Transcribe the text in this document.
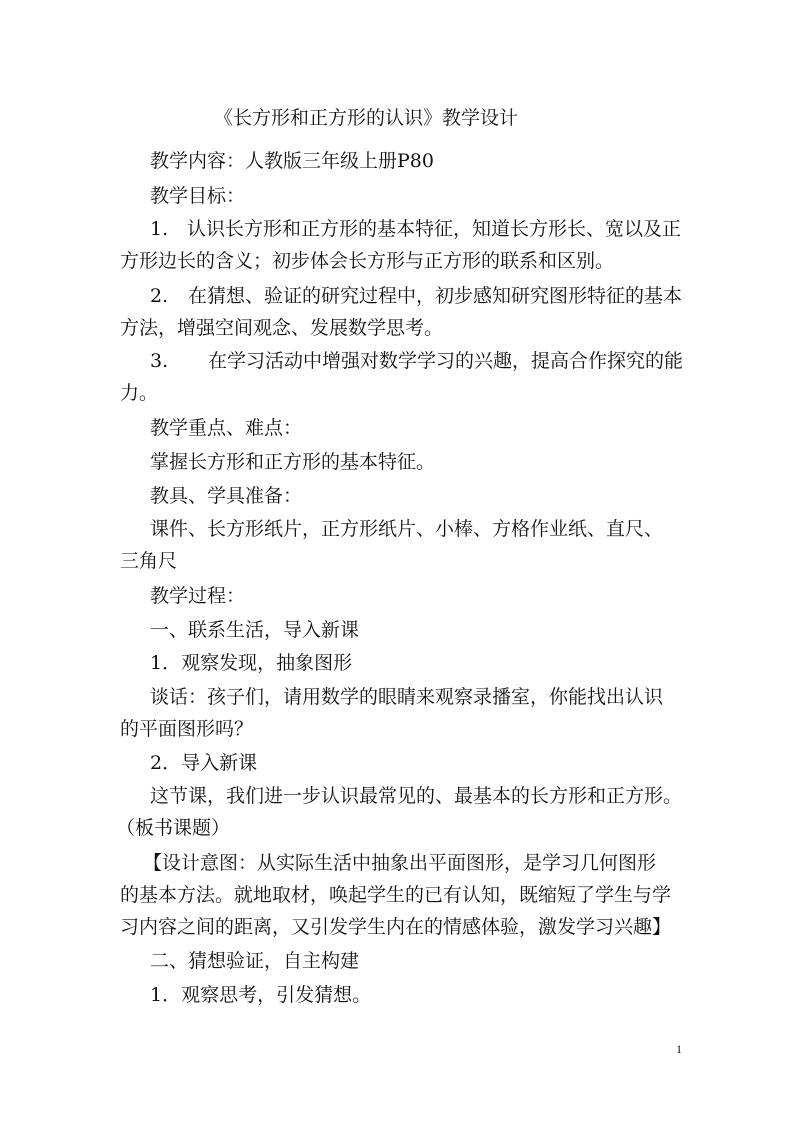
《长方形和正方形的认识》教学设计
教学内容：人教版三年级上册P80
教学目标：
1. 认识长方形和正方形的基本特征，知道长方形长、宽以及正
方形边长的含义；初步体会长方形与正方形的联系和区别。
2. 在猜想、验证的研究过程中，初步感知研究图形特征的基本
方法，增强空间观念、发展数学思考。
3. 在学习活动中增强对数学学习的兴趣，提高合作探究的能
力。
教学重点、难点：
掌握长方形和正方形的基本特征。
教具、学具准备：
课件、长方形纸片，正方形纸片、小棒、方格作业纸、直尺、
三角尺
教学过程：
一、联系生活，导入新课
1．观察发现，抽象图形
谈话：孩子们，请用数学的眼睛来观察录播室，你能找出认识
的平面图形吗？
2．导入新课
这节课，我们进一步认识最常见的、最基本的长方形和正方形。
（板书课题）
【设计意图：从实际生活中抽象出平面图形，是学习几何图形
的基本方法。就地取材，唤起学生的已有认知，既缩短了学生与学
习内容之间的距离，又引发学生内在的情感体验，激发学习兴趣】
二、猜想验证，自主构建
1．观察思考，引发猜想。
1
